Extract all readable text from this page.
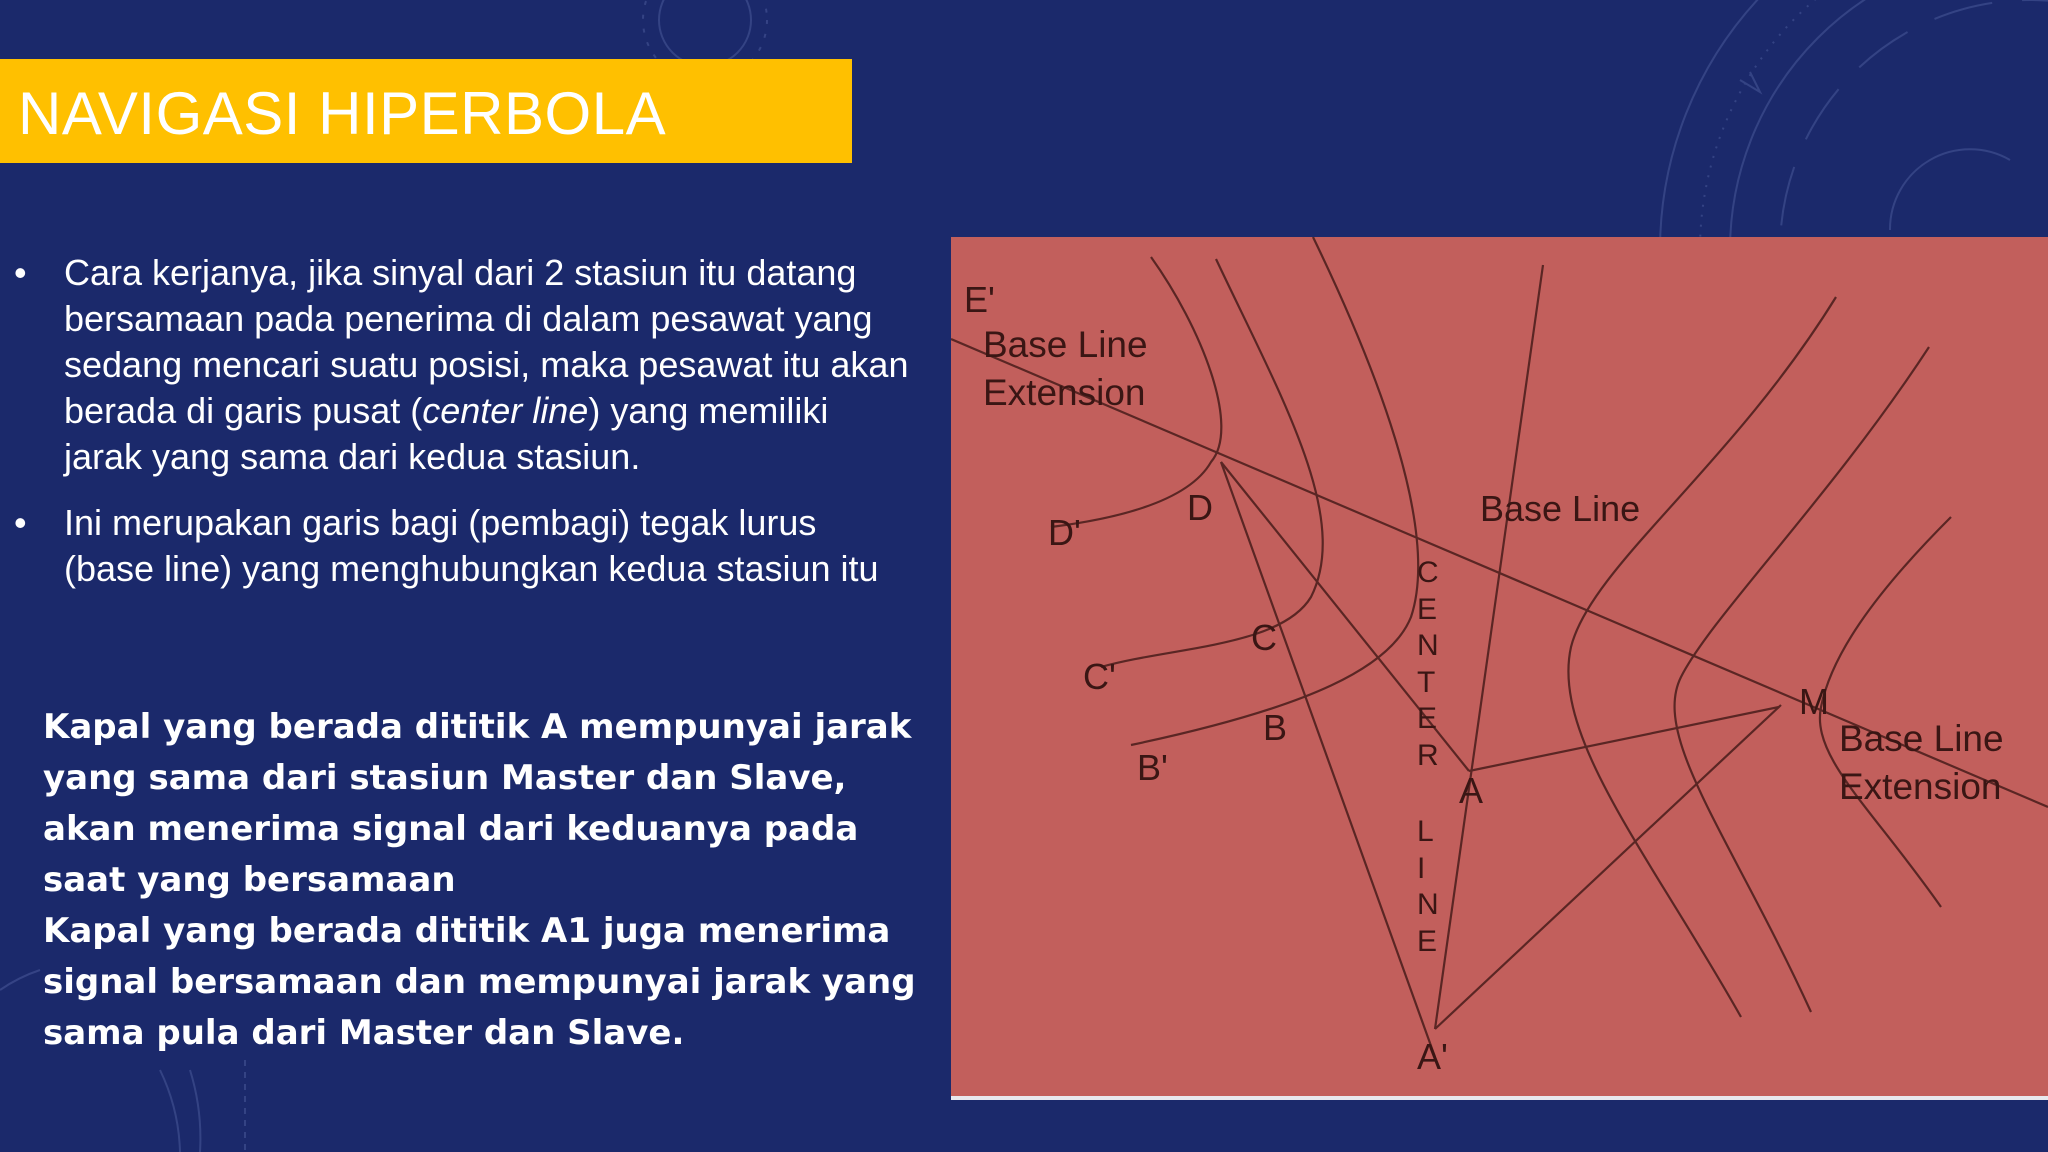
NAVIGASI HIPERBOLA
• Cara kerjanya, jika sinyal dari 2 stasiun itu datang bersamaan pada penerima di dalam pesawat yang sedang mencari suatu posisi, maka pesawat itu akan berada di garis pusat (center line) yang memiliki jarak yang sama dari kedua stasiun.
• Ini merupakan garis bagi (pembagi) tegak lurus (base line) yang menghubungkan kedua stasiun itu

Kapal yang berada dititik A mempunyai jarak yang sama dari stasiun Master dan Slave, akan menerima signal dari keduanya pada saat yang bersamaan

Kapal yang berada dititik A1 juga menerima signal bersamaan dan mempunyai jarak yang sama pula dari Master dan Slave.

E'
Base Line
Extension
D
D'
C
C'
B
B'
Base Line
A
A'
M
Base Line
Extension
C
E
N
T
E
R
L
I
N
E
